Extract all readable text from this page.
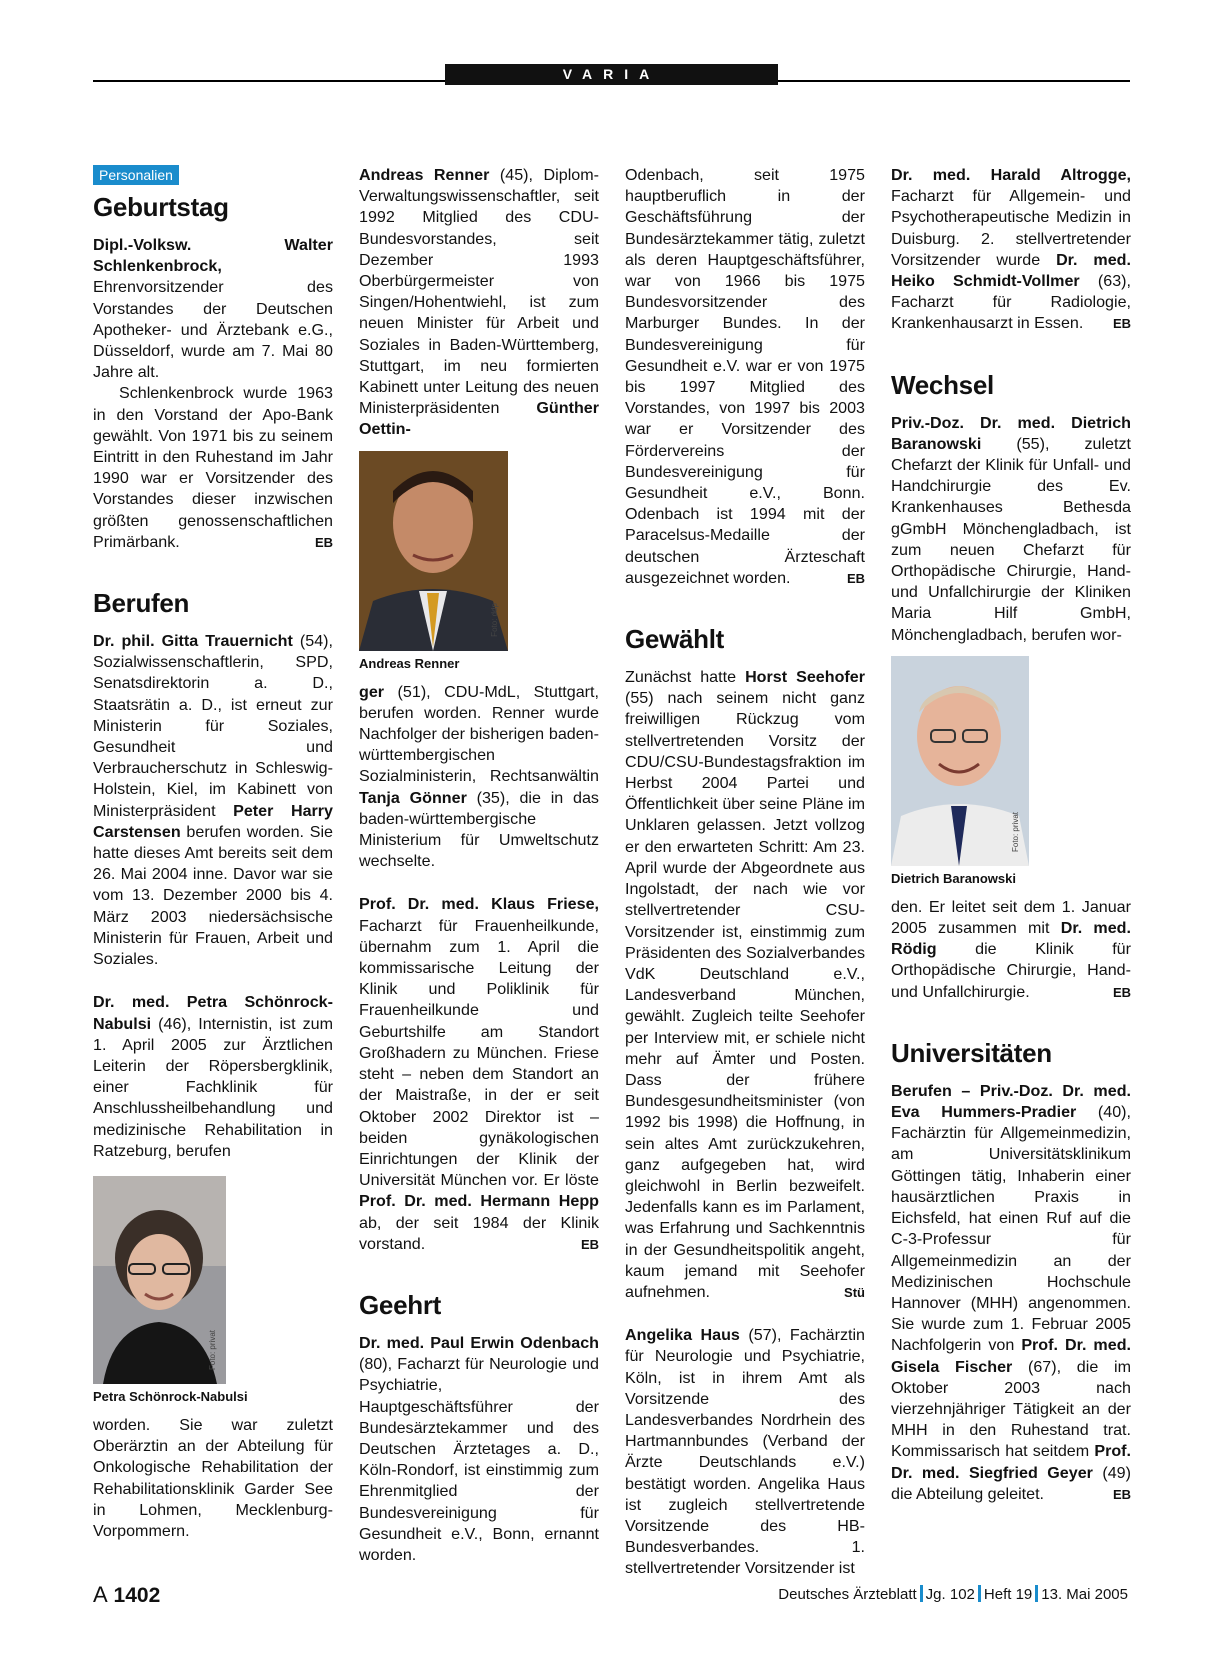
VARIA
Personalien
Geburtstag

Dipl.-Volksw. Walter Schlenkenbrock, Ehrenvorsitzender des Vorstandes der Deutschen Apotheker- und Ärztebank e.G., Düsseldorf, wurde am 7. Mai 80 Jahre alt.

Schlenkenbrock wurde 1963 in den Vorstand der Apo-Bank gewählt. Von 1971 bis zu seinem Eintritt in den Ruhestand im Jahr 1990 war er Vorsitzender des Vorstandes dieser inzwischen größten genossenschaftlichen Primärbank.	EB

Berufen

Dr. phil. Gitta Trauernicht (54), Sozialwissenschaftlerin, SPD, Senatsdirektorin a. D., Staatsrätin a. D., ist erneut zur Ministerin für Soziales, Gesundheit und Verbraucherschutz in Schleswig-Holstein, Kiel, im Kabinett von Ministerpräsident Peter Harry Carstensen berufen worden. Sie hatte dieses Amt bereits seit dem 26. Mai 2004 inne. Davor war sie vom 13. Dezember 2000 bis 4. März 2003 niedersächsische Ministerin für Frauen, Arbeit und Soziales.

Dr. med. Petra Schönrock-Nabulsi (46), Internistin, ist zum 1. April 2005 zur Ärztlichen Leiterin der Röpersbergklinik, einer Fachklinik für Anschlussheilbehandlung und medizinische Rehabilitation in Ratzeburg, berufen

Foto: privat
Petra Schönrock-Nabulsi

worden. Sie war zuletzt Oberärztin an der Abteilung für Onkologische Rehabilitation der Rehabilitationsklinik Garder See in Lohmen, Mecklenburg-Vorpommern.

Andreas Renner (45), Diplom-Verwaltungswissenschaftler, seit 1992 Mitglied des CDU-Bundesvorstandes, seit Dezember 1993 Oberbürgermeister von Singen/Hohentwiehl, ist zum neuen Minister für Arbeit und Soziales in Baden-Württemberg, Stuttgart, im neu formierten Kabinett unter Leitung des neuen Ministerpräsidenten Günther Oettin-

Foto: ddp
Andreas Renner

ger (51), CDU-MdL, Stuttgart, berufen worden. Renner wurde Nachfolger der bisherigen baden-württembergischen Sozialministerin, Rechtsanwältin Tanja Gönner (35), die in das baden-württembergische Ministerium für Umweltschutz wechselte.

Prof. Dr. med. Klaus Friese, Facharzt für Frauenheilkunde, übernahm zum 1. April die kommissarische Leitung der Klinik und Poliklinik für Frauenheilkunde und Geburtshilfe am Standort Großhadern zu München. Friese steht – neben dem Standort an der Maistraße, in der er seit Oktober 2002 Direktor ist – beiden gynäkologischen Einrichtungen der Klinik der Universität München vor. Er löste Prof. Dr. med. Hermann Hepp ab, der seit 1984 der Klinik vorstand.	EB

Geehrt

Dr. med. Paul Erwin Odenbach (80), Facharzt für Neurologie und Psychiatrie, Hauptgeschäftsführer der Bundesärztekammer und des Deutschen Ärztetages a. D., Köln-Rondorf, ist einstimmig zum Ehrenmitglied der Bundesvereinigung für Gesundheit e.V., Bonn, ernannt worden.

Odenbach, seit 1975 hauptberuflich in der Geschäftsführung der Bundesärztekammer tätig, zuletzt als deren Hauptgeschäftsführer, war von 1966 bis 1975 Bundesvorsitzender des Marburger Bundes. In der Bundesvereinigung für Gesundheit e.V. war er von 1975 bis 1997 Mitglied des Vorstandes, von 1997 bis 2003 war er Vorsitzender des Fördervereins der Bundesvereinigung für Gesundheit e.V., Bonn. Odenbach ist 1994 mit der Paracelsus-Medaille der deutschen Ärzteschaft ausgezeichnet worden.	EB

Gewählt

Zunächst hatte Horst Seehofer (55) nach seinem nicht ganz freiwilligen Rückzug vom stellvertretenden Vorsitz der CDU/CSU-Bundestagsfraktion im Herbst 2004 Partei und Öffentlichkeit über seine Pläne im Unklaren gelassen. Jetzt vollzog er den erwarteten Schritt: Am 23. April wurde der Abgeordnete aus Ingolstadt, der nach wie vor stellvertretender CSU-Vorsitzender ist, einstimmig zum Präsidenten des Sozialverbandes VdK Deutschland e.V., Landesverband München, gewählt. Zugleich teilte Seehofer per Interview mit, er schiele nicht mehr auf Ämter und Posten. Dass der frühere Bundesgesundheitsminister (von 1992 bis 1998) die Hoffnung, in sein altes Amt zurückzukehren, ganz aufgegeben hat, wird gleichwohl in Berlin bezweifelt. Jedenfalls kann es im Parlament, was Erfahrung und Sachkenntnis in der Gesundheitspolitik angeht, kaum jemand mit Seehofer aufnehmen.	Stü

Angelika Haus (57), Fachärztin für Neurologie und Psychiatrie, Köln, ist in ihrem Amt als Vorsitzende des Landesverbandes Nordrhein des Hartmannbundes (Verband der Ärzte Deutschlands e.V.) bestätigt worden. Angelika Haus ist zugleich stellvertretende Vorsitzende des HB-Bundesverbandes. 1. stellvertretender Vorsitzender ist

Dr. med. Harald Altrogge, Facharzt für Allgemein- und Psychotherapeutische Medizin in Duisburg. 2. stellvertretender Vorsitzender wurde Dr. med. Heiko Schmidt-Vollmer (63), Facharzt für Radiologie, Krankenhausarzt in Essen. EB

Wechsel

Priv.-Doz. Dr. med. Dietrich Baranowski (55), zuletzt Chefarzt der Klinik für Unfall- und Handchirurgie des Ev. Krankenhauses Bethesda gGmbH Mönchengladbach, ist zum neuen Chefarzt für Orthopädische Chirurgie, Hand- und Unfallchirurgie der Kliniken Maria Hilf GmbH, Mönchengladbach, berufen wor-

Foto: privat
Dietrich Baranowski

den. Er leitet seit dem 1. Januar 2005 zusammen mit Dr. med. Rödig die Klinik für Orthopädische Chirurgie, Hand- und Unfallchirurgie.	EB

Universitäten

Berufen – Priv.-Doz. Dr. med. Eva Hummers-Pradier (40), Fachärztin für Allgemeinmedizin, am Universitätsklinikum Göttingen tätig, Inhaberin einer hausärztlichen Praxis in Eichsfeld, hat einen Ruf auf die C-3-Professur für Allgemeinmedizin an der Medizinischen Hochschule Hannover (MHH) angenommen. Sie wurde zum 1. Februar 2005 Nachfolgerin von Prof. Dr. med. Gisela Fischer (67), die im Oktober 2003 nach vierzehnjähriger Tätigkeit an der MHH in den Ruhestand trat. Kommissarisch hat seitdem Prof. Dr. med. Siegfried Geyer (49) die Abteilung geleitet.	EB

A 1402	Deutsches Ärzteblatt Jg. 102 Heft 19 13. Mai 2005
